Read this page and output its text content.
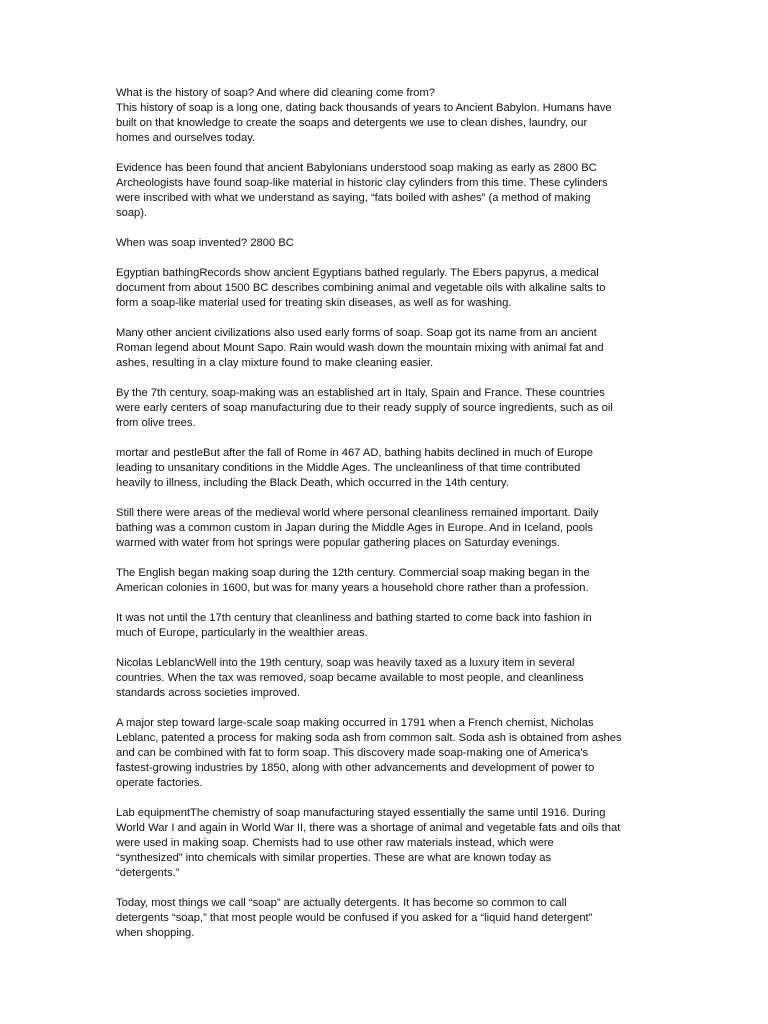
What is the history of soap? And where did cleaning come from?
This history of soap is a long one, dating back thousands of years to Ancient Babylon. Humans have
built on that knowledge to create the soaps and detergents we use to clean dishes, laundry, our
homes and ourselves today.

Evidence has been found that ancient Babylonians understood soap making as early as 2800 BC
Archeologists have found soap-like material in historic clay cylinders from this time. These cylinders
were inscribed with what we understand as saying, “fats boiled with ashes” (a method of making
soap).

When was soap invented? 2800 BC

Egyptian bathingRecords show ancient Egyptians bathed regularly. The Ebers papyrus, a medical
document from about 1500 BC describes combining animal and vegetable oils with alkaline salts to
form a soap-like material used for treating skin diseases, as well as for washing.

Many other ancient civilizations also used early forms of soap. Soap got its name from an ancient
Roman legend about Mount Sapo. Rain would wash down the mountain mixing with animal fat and
ashes, resulting in a clay mixture found to make cleaning easier.

By the 7th century, soap-making was an established art in Italy, Spain and France. These countries
were early centers of soap manufacturing due to their ready supply of source ingredients, such as oil
from olive trees.

mortar and pestleBut after the fall of Rome in 467 AD, bathing habits declined in much of Europe
leading to unsanitary conditions in the Middle Ages. The uncleanliness of that time contributed
heavily to illness, including the Black Death, which occurred in the 14th century.

Still there were areas of the medieval world where personal cleanliness remained important. Daily
bathing was a common custom in Japan during the Middle Ages in Europe. And in Iceland, pools
warmed with water from hot springs were popular gathering places on Saturday evenings.

The English began making soap during the 12th century. Commercial soap making began in the
American colonies in 1600, but was for many years a household chore rather than a profession.

It was not until the 17th century that cleanliness and bathing started to come back into fashion in
much of Europe, particularly in the wealthier areas.

Nicolas LeblancWell into the 19th century, soap was heavily taxed as a luxury item in several
countries. When the tax was removed, soap became available to most people, and cleanliness
standards across societies improved.

A major step toward large-scale soap making occurred in 1791 when a French chemist, Nicholas
Leblanc, patented a process for making soda ash from common salt. Soda ash is obtained from ashes
and can be combined with fat to form soap. This discovery made soap-making one of America's
fastest-growing industries by 1850, along with other advancements and development of power to
operate factories.

Lab equipmentThe chemistry of soap manufacturing stayed essentially the same until 1916. During
World War I and again in World War II, there was a shortage of animal and vegetable fats and oils that
were used in making soap. Chemists had to use other raw materials instead, which were
“synthesized” into chemicals with similar properties. These are what are known today as
“detergents.”

Today, most things we call “soap” are actually detergents. It has become so common to call
detergents “soap,” that most people would be confused if you asked for a “liquid hand detergent”
when shopping.
